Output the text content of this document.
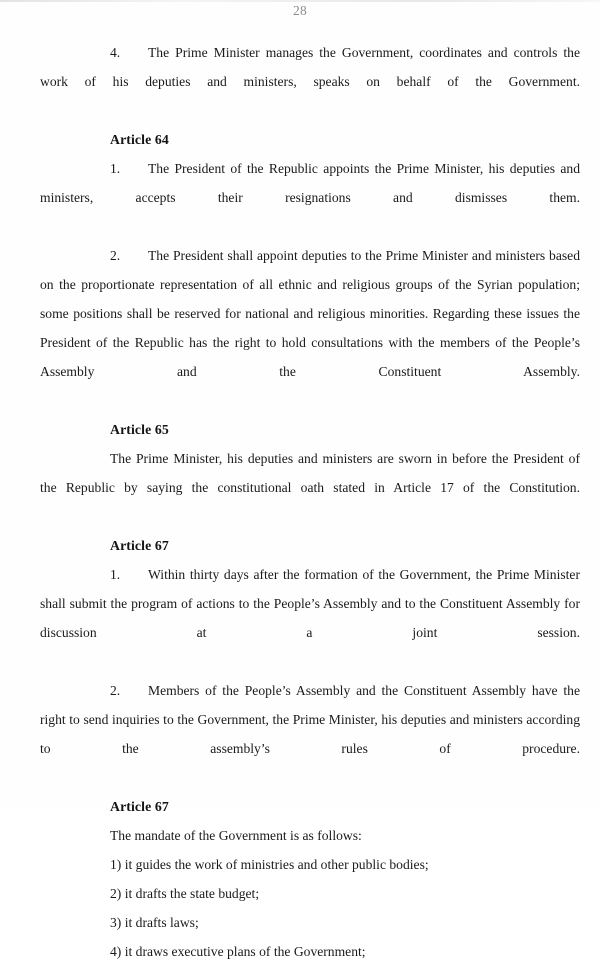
28

4. The Prime Minister manages the Government, coordinates and controls the work of his deputies and ministers, speaks on behalf of the Government.

Article 64

1. The President of the Republic appoints the Prime Minister, his deputies and ministers, accepts their resignations and dismisses them.

2. The President shall appoint deputies to the Prime Minister and ministers based on the proportionate representation of all ethnic and religious groups of the Syrian population; some positions shall be reserved for national and religious minorities. Regarding these issues the President of the Republic has the right to hold consultations with the members of the People’s Assembly and the Constituent Assembly.

Article 65

The Prime Minister, his deputies and ministers are sworn in before the President of the Republic by saying the constitutional oath stated in Article 17 of the Constitution.

Article 67

1. Within thirty days after the formation of the Government, the Prime Minister shall submit the program of actions to the People’s Assembly and to the Constituent Assembly for discussion at a joint session.

2. Members of the People’s Assembly and the Constituent Assembly have the right to send inquiries to the Government, the Prime Minister, his deputies and ministers according to the assembly’s rules of procedure.

Article 67
The mandate of the Government is as follows:
1) it guides the work of ministries and other public bodies;
2) it drafts the state budget;
3) it drafts laws;
4) it draws executive plans of the Government;
